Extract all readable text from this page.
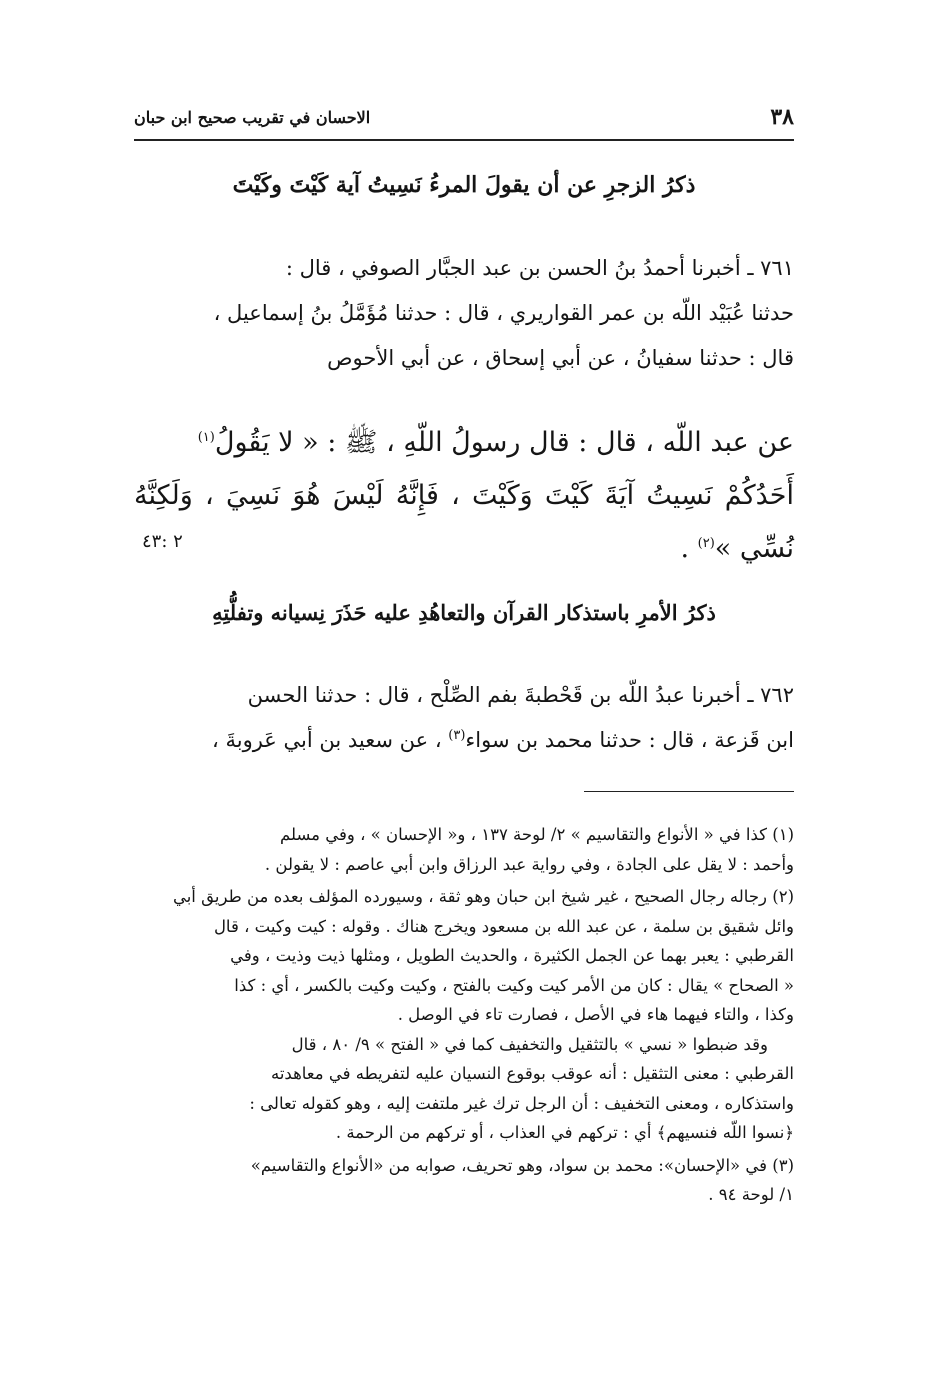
٣٨
الاحسان في تقريب صحيح ابن حبان
ذكرُ الزجرِ عن أن يقولَ المرءُ نَسِيتُ آية كَيْتَ وكَيْتَ

٧٦١ ـ أخبرنا أحمدُ بنُ الحسن بن عبد الجبَّار الصوفي ، قال :

حدثنا عُبَيْد اللّه بن عمر القواريري ، قال : حدثنا مُؤَمَّلُ بنُ إسماعيل ،

قال : حدثنا سفيانُ ، عن أبي إسحاق ، عن أبي الأحوص

عن عبد اللّه ، قال : قال رسولُ اللّهِ ، ﷺ : « لا يَقُولُ$^{(١)}$

أَحَدُكُمْ نَسِيتُ آيَةَ كَيْتَ وَكَيْتَ ، فَإِنَّهُ لَيْسَ هُوَ نَسِيَ ، وَلَكِنَّهُ

نُسِّي »$^{(٢)}$ .

٢ :٤٣
ذكرُ الأمرِ باستذكار القرآن والتعاهُدِ عليه حَذَرَ نِسيانه وتفلُّتِهِ

٧٦٢ ـ أخبرنا عبدُ اللّه بن قَحْطبةَ بفم الصِّلْح ، قال : حدثنا الحسن

ابن قَزعة ، قال : حدثنا محمد بن سواء$^{(٣)}$ ، عن سعيد بن أبي عَروبةَ ،

(١) كذا في « الأنواع والتقاسيم » ٢/ لوحة ١٣٧ ، و« الإحسان » ، وفي مسلم

وأحمد : لا يقل على الجادة ، وفي رواية عبد الرزاق وابن أبي عاصم : لا يقولن .

(٢) رجاله رجال الصحيح ، غير شيخ ابن حبان وهو ثقة ، وسيورده المؤلف بعده من طريق أبي

وائل شقيق بن سلمة ، عن عبد الله بن مسعود ويخرج هناك . وقوله : كيت وكيت ، قال

القرطبي : يعبر بهما عن الجمل الكثيرة ، والحديث الطويل ، ومثلها ذيت وذيت ، وفي

« الصحاح » يقال : كان من الأمر كيت وكيت بالفتح ، وكيت وكيت بالكسر ، أي : كذا

وكذا ، والتاء فيهما هاء في الأصل ، فصارت تاء في الوصل .

وقد ضبطوا « نسي » بالتثقيل والتخفيف كما في « الفتح » ٩/ ٨٠ ، قال

القرطبي : معنى التثقيل : أنه عوقب بوقوع النسيان عليه لتفريطه في معاهدته

واستذكاره ، ومعنى التخفيف : أن الرجل ترك غير ملتفت إليه ، وهو كقوله تعالى :

﴿نسوا اللّه فنسيهم﴾ أي : تركهم في العذاب ، أو تركهم من الرحمة .

(٣) في «الإحسان»: محمد بن سواد، وهو تحريف، صوابه من «الأنواع والتقاسيم»

١/ لوحة ٩٤ .
